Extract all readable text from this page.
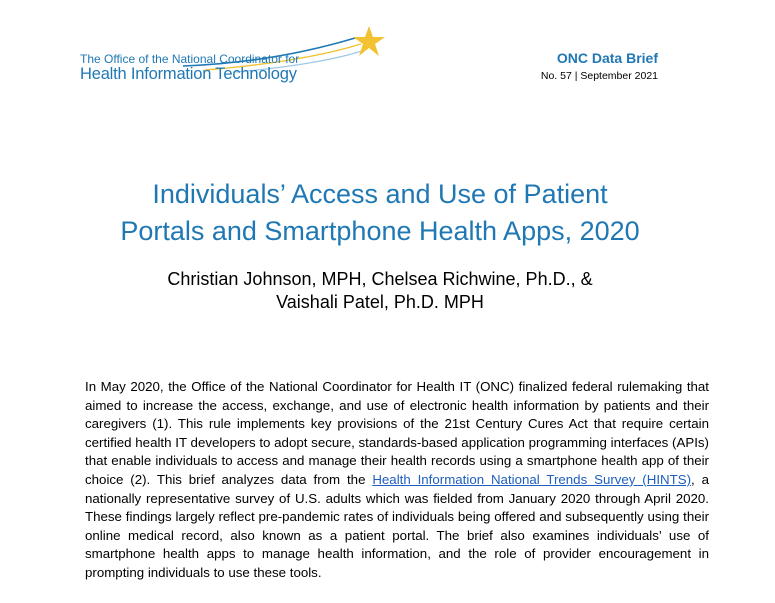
The Office of the National Coordinator for
Health Information Technology
ONC Data Brief
No. 57 | September 2021
Individuals’ Access and Use of Patient
Portals and Smartphone Health Apps, 2020
Christian Johnson, MPH, Chelsea Richwine, Ph.D., &
Vaishali Patel, Ph.D. MPH

In May 2020, the Office of the National Coordinator for Health IT (ONC) finalized federal rulemaking that aimed to increase the access, exchange, and use of electronic health information by patients and their caregivers (1). This rule implements key provisions of the 21st Century Cures Act that require certain certified health IT developers to adopt secure, standards-based application programming interfaces (APIs) that enable individuals to access and manage their health records using a smartphone health app of their choice (2). This brief analyzes data from the Health Information National Trends Survey (HINTS), a nationally representative survey of U.S. adults which was fielded from January 2020 through April 2020. These findings largely reflect pre-pandemic rates of individuals being offered and subsequently using their online medical record, also known as a patient portal. The brief also examines individuals’ use of smartphone health apps to manage health information, and the role of provider encouragement in prompting individuals to use these tools.
